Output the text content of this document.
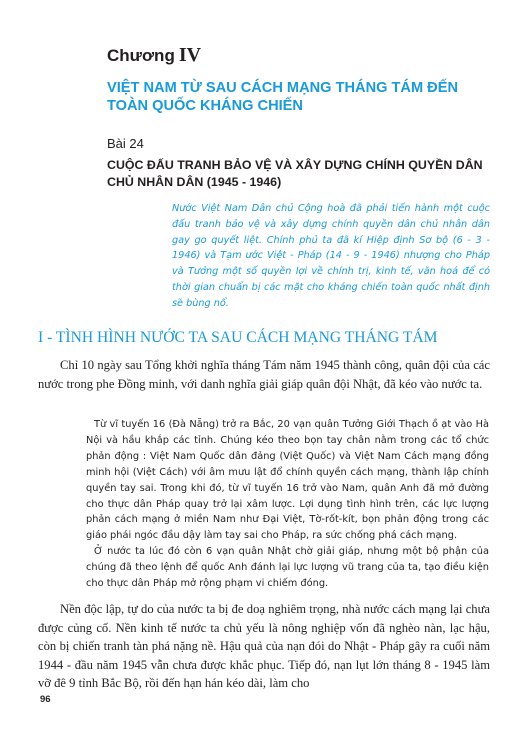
Chương IV
VIỆT NAM TỪ SAU CÁCH MẠNG THÁNG TÁM ĐẾN TOÀN QUỐC KHÁNG CHIẾN
Bài 24
CUỘC ĐẤU TRANH BẢO VỆ VÀ XÂY DỰNG CHÍNH QUYỀN DÂN CHỦ NHÂN DÂN (1945 - 1946)

Nước Việt Nam Dân chủ Cộng hoà đã phải tiến hành một cuộc đấu tranh bảo vệ và xây dựng chính quyền dân chủ nhân dân gay go quyết liệt. Chính phủ ta đã kí Hiệp định Sơ bộ (6 - 3 - 1946) và Tạm ước Việt - Pháp (14 - 9 - 1946) nhượng cho Pháp và Tưởng một số quyền lợi về chính trị, kinh tế, văn hoá để có thời gian chuẩn bị các mặt cho kháng chiến toàn quốc nhất định sẽ bùng nổ.

I - TÌNH HÌNH NƯỚC TA SAU CÁCH MẠNG THÁNG TÁM

Chỉ 10 ngày sau Tổng khởi nghĩa tháng Tám năm 1945 thành công, quân đội của các nước trong phe Đồng minh, với danh nghĩa giải giáp quân đội Nhật, đã kéo vào nước ta.

Từ vĩ tuyến 16 (Đà Nẵng) trở ra Bắc, 20 vạn quân Tưởng Giới Thạch ồ ạt vào Hà Nội và hầu khắp các tỉnh. Chúng kéo theo bọn tay chân nằm trong các tổ chức phản động : Việt Nam Quốc dân đảng (Việt Quốc) và Việt Nam Cách mạng đồng minh hội (Việt Cách) với âm mưu lật đổ chính quyền cách mạng, thành lập chính quyền tay sai. Trong khi đó, từ vĩ tuyến 16 trở vào Nam, quân Anh đã mở đường cho thực dân Pháp quay trở lại xâm lược. Lợi dụng tình hình trên, các lực lượng phản cách mạng ở miền Nam như Đại Việt, Tờ-rốt-kít, bọn phản động trong các giáo phái ngóc đầu dậy làm tay sai cho Pháp, ra sức chống phá cách mạng.

Ở nước ta lúc đó còn 6 vạn quân Nhật chờ giải giáp, nhưng một bộ phận của chúng đã theo lệnh để quốc Anh đánh lại lực lượng vũ trang của ta, tạo điều kiện cho thực dân Pháp mở rộng phạm vi chiếm đóng.

Nền độc lập, tự do của nước ta bị đe doạ nghiêm trọng, nhà nước cách mạng lại chưa được củng cố. Nền kinh tế nước ta chủ yếu là nông nghiệp vốn đã nghèo nàn, lạc hậu, còn bị chiến tranh tàn phá nặng nề. Hậu quả của nạn đói do Nhật - Pháp gây ra cuối năm 1944 - đầu năm 1945 vẫn chưa được khắc phục. Tiếp đó, nạn lụt lớn tháng 8 - 1945 làm vỡ đê 9 tỉnh Bắc Bộ, rồi đến hạn hán kéo dài, làm cho

96
